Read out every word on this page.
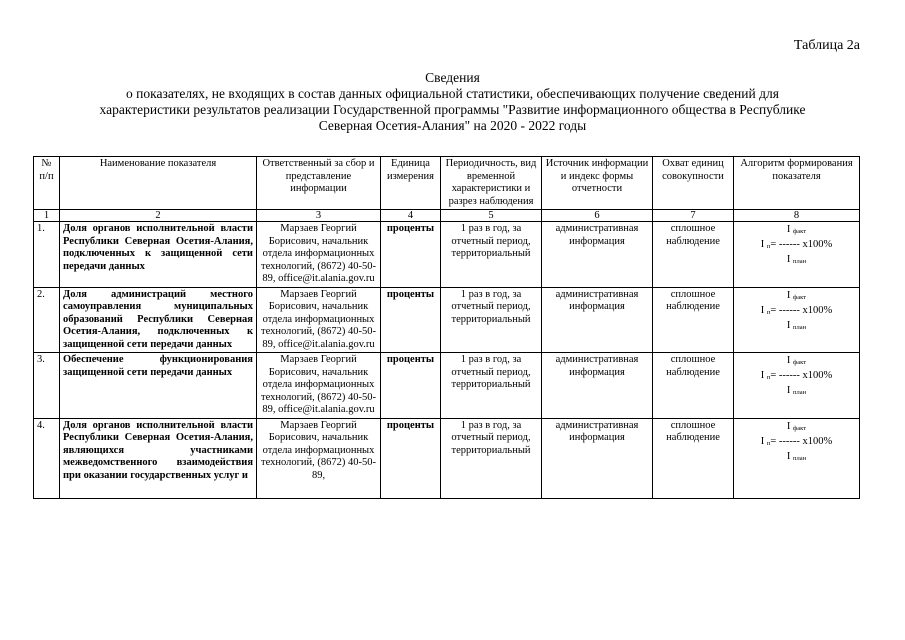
Таблица 2а
Сведения
о показателях, не входящих в состав данных официальной статистики, обеспечивающих получение сведений для
характеристики результатов реализации Государственной программы "Развитие информационного общества в Республике
Северная Осетия-Алания" на 2020 - 2022 годы
№ п/п	Наименование показателя	Ответственный за сбор и представление информации	Единица измерения	Периодичность, вид временной характеристики и разрез наблюдения	Источник информации и индекс формы отчетности	Охват единиц совокупности	Алгоритм формирования показателя
1	2	3	4	5	6	7	8
1.	Доля органов исполнительной власти Республики Северная Осетия-Алания, подключенных к защищенной сети передачи данных	Марзаев Георгий Борисович, начальник отдела информационных технологий, (8672) 40-50-89, office@it.alania.gov.ru	проценты	1 раз в год, за отчетный период, территориальный	административная информация	сплошное наблюдение	I факт
I п= ------ x100%
I план

2.	Доля администраций местного самоуправления муниципальных образований Республики Северная Осетия-Алания, подключенных к защищенной сети передачи данных	Марзаев Георгий Борисович, начальник отдела информационных технологий, (8672) 40-50-89, office@it.alania.gov.ru	проценты	1 раз в год, за отчетный период, территориальный	административная информация	сплошное наблюдение	I факт
I п= ------ x100%
I план

3.	Обеспечение функционирования защищенной сети передачи данных	Марзаев Георгий Борисович, начальник отдела информационных технологий, (8672) 40-50-89, office@it.alania.gov.ru	проценты	1 раз в год, за отчетный период, территориальный	административная информация	сплошное наблюдение	I факт
I п= ------ x100%
I план

4.	Доля органов исполнительной власти Республики Северная Осетия-Алания, являющихся участниками межведомственного взаимодействия при оказании государственных услуг и	Марзаев Георгий Борисович, начальник отдела информационных технологий, (8672) 40-50-89,	проценты	1 раз в год, за отчетный период, территориальный	административная информация	сплошное наблюдение	I факт
I п= ------ x100%
I план
